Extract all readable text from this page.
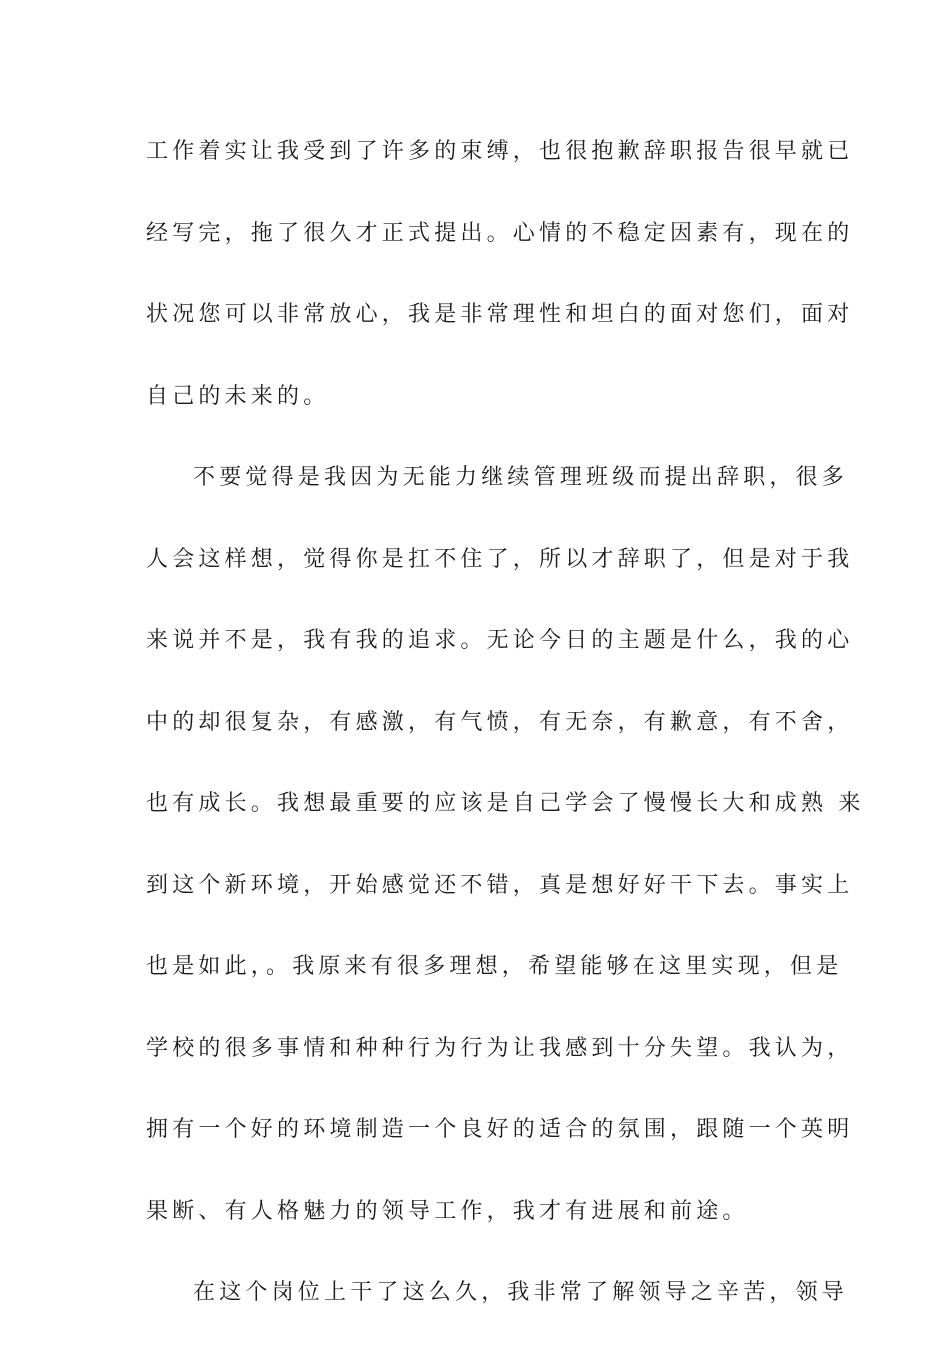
工作着实让我受到了许多的束缚，也很抱歉辞职报告很早就已
经写完，拖了很久才正式提出。心情的不稳定因素有，现在的
状况您可以非常放心，我是非常理性和坦白的面对您们，面对
自己的未来的。
不要觉得是我因为无能力继续管理班级而提出辞职，很多
人会这样想，觉得你是扛不住了，所以才辞职了，但是对于我
来说并不是，我有我的追求。无论今日的主题是什么，我的心
中的却很复杂，有感激，有气愤，有无奈，有歉意，有不舍，
也有成长。我想最重要的应该是自己学会了慢慢长大和成熟 来
到这个新环境，开始感觉还不错，真是想好好干下去。事实上
也是如此，。我原来有很多理想，希望能够在这里实现，但是
学校的很多事情和种种行为行为让我感到十分失望。我认为，
拥有一个好的环境制造一个良好的适合的氛围，跟随一个英明
果断、有人格魅力的领导工作，我才有进展和前途。
在这个岗位上干了这么久，我非常了解领导之辛苦，领导
